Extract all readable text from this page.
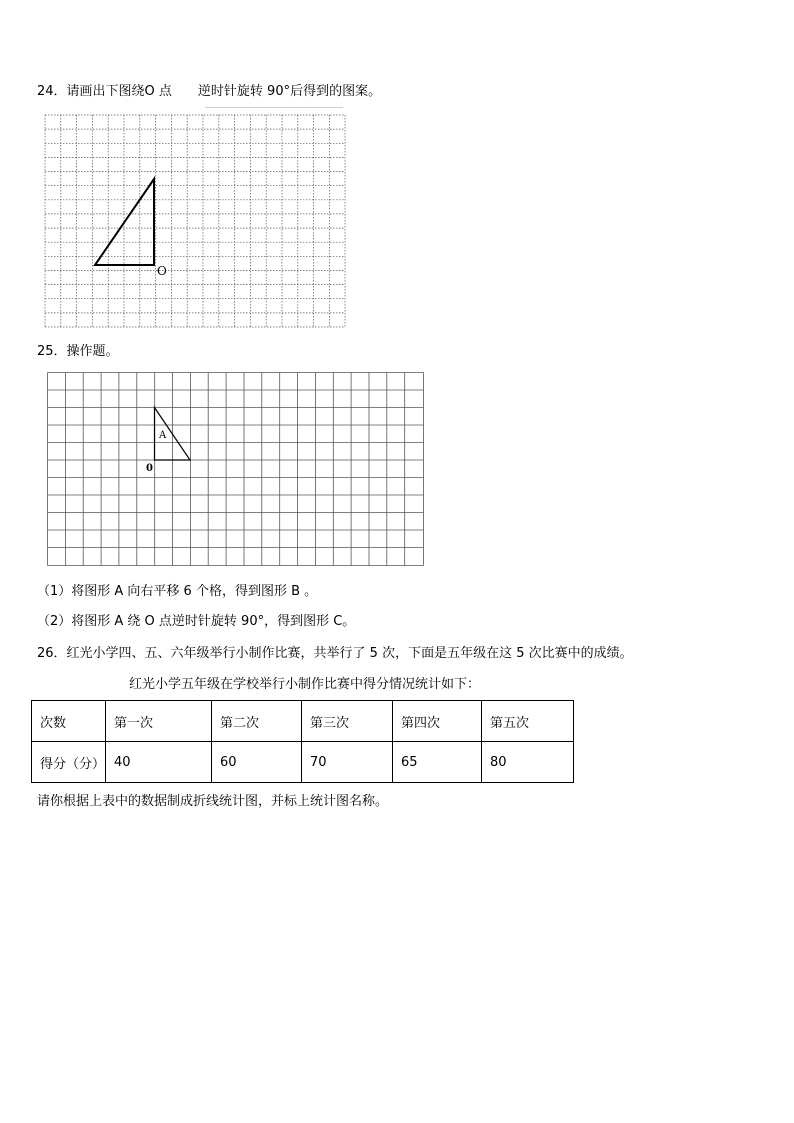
24．请画出下图绕O 点 逆时针旋转 90°后得到的图案。
O
25．操作题。
A
0
（1）将图形 A 向右平移 6 个格，得到图形 B 。
（2）将图形 A 绕 O 点逆时针旋转 90°，得到图形 C。
26．红光小学四、五、六年级举行小制作比赛，共举行了 5 次，下面是五年级在这 5 次比赛中的成绩。
红光小学五年级在学校举行小制作比赛中得分情况统计如下：
次数	第一次	第二次	第三次	第四次	第五次
得分（分）	40	60	70	65	80
请你根据上表中的数据制成折线统计图，并标上统计图名称。
